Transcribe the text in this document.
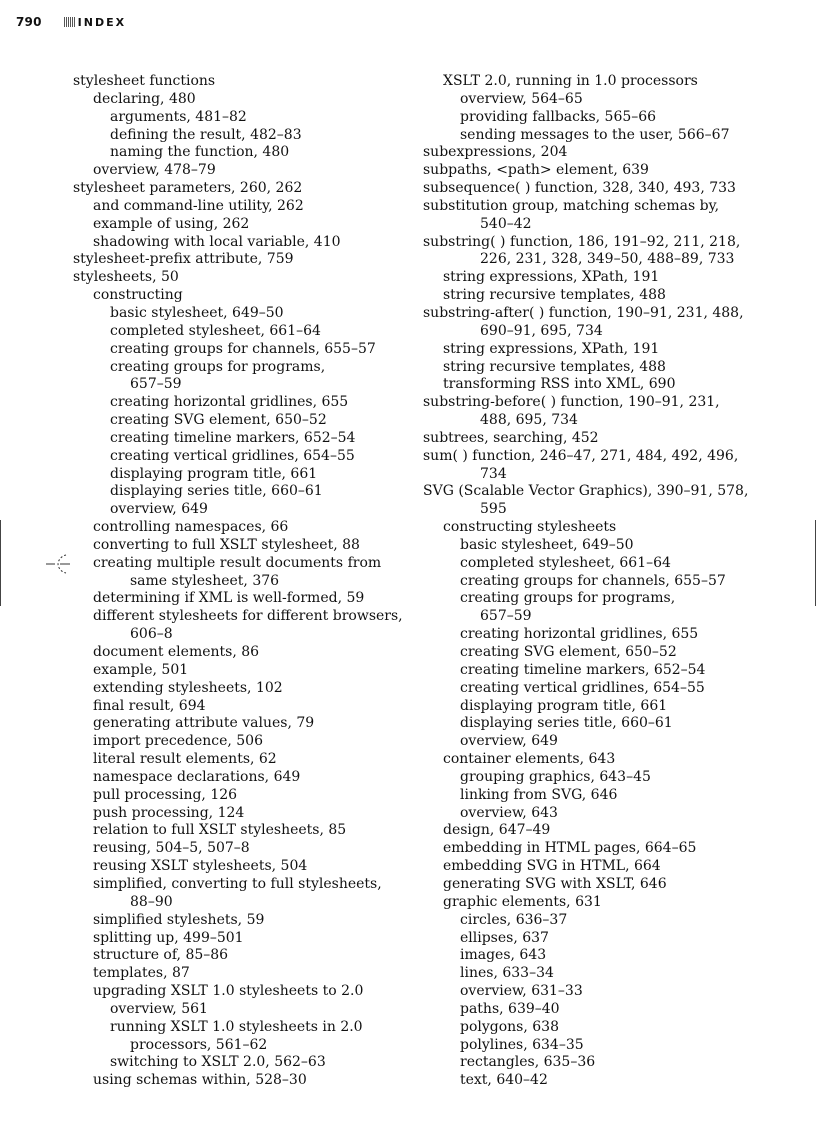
790	INDEX
stylesheet functions
declaring, 480
arguments, 481–82
defining the result, 482–83
naming the function, 480
overview, 478–79
stylesheet parameters, 260, 262
and command-line utility, 262
example of using, 262
shadowing with local variable, 410
stylesheet-prefix attribute, 759
stylesheets, 50
constructing
basic stylesheet, 649–50
completed stylesheet, 661–64
creating groups for channels, 655–57
creating groups for programs,
657–59
creating horizontal gridlines, 655
creating SVG element, 650–52
creating timeline markers, 652–54
creating vertical gridlines, 654–55
displaying program title, 661
displaying series title, 660–61
overview, 649
controlling namespaces, 66
converting to full XSLT stylesheet, 88
creating multiple result documents from
same stylesheet, 376
determining if XML is well-formed, 59
different stylesheets for different browsers,
606–8
document elements, 86
example, 501
extending stylesheets, 102
final result, 694
generating attribute values, 79
import precedence, 506
literal result elements, 62
namespace declarations, 649
pull processing, 126
push processing, 124
relation to full XSLT stylesheets, 85
reusing, 504–5, 507–8
reusing XSLT stylesheets, 504
simplified, converting to full stylesheets,
88–90
simplified styleshets, 59
splitting up, 499–501
structure of, 85–86
templates, 87
upgrading XSLT 1.0 stylesheets to 2.0
overview, 561
running XSLT 1.0 stylesheets in 2.0
processors, 561–62
switching to XSLT 2.0, 562–63
using schemas within, 528–30
XSLT 2.0, running in 1.0 processors
overview, 564–65
providing fallbacks, 565–66
sending messages to the user, 566–67
subexpressions, 204
subpaths, <path> element, 639
subsequence( ) function, 328, 340, 493, 733
substitution group, matching schemas by,
540–42
substring( ) function, 186, 191–92, 211, 218,
226, 231, 328, 349–50, 488–89, 733
string expressions, XPath, 191
string recursive templates, 488
substring-after( ) function, 190–91, 231, 488,
690–91, 695, 734
string expressions, XPath, 191
string recursive templates, 488
transforming RSS into XML, 690
substring-before( ) function, 190–91, 231,
488, 695, 734
subtrees, searching, 452
sum( ) function, 246–47, 271, 484, 492, 496,
734
SVG (Scalable Vector Graphics), 390–91, 578,
595
constructing stylesheets
basic stylesheet, 649–50
completed stylesheet, 661–64
creating groups for channels, 655–57
creating groups for programs,
657–59
creating horizontal gridlines, 655
creating SVG element, 650–52
creating timeline markers, 652–54
creating vertical gridlines, 654–55
displaying program title, 661
displaying series title, 660–61
overview, 649
container elements, 643
grouping graphics, 643–45
linking from SVG, 646
overview, 643
design, 647–49
embedding in HTML pages, 664–65
embedding SVG in HTML, 664
generating SVG with XSLT, 646
graphic elements, 631
circles, 636–37
ellipses, 637
images, 643
lines, 633–34
overview, 631–33
paths, 639–40
polygons, 638
polylines, 634–35
rectangles, 635–36
text, 640–42
